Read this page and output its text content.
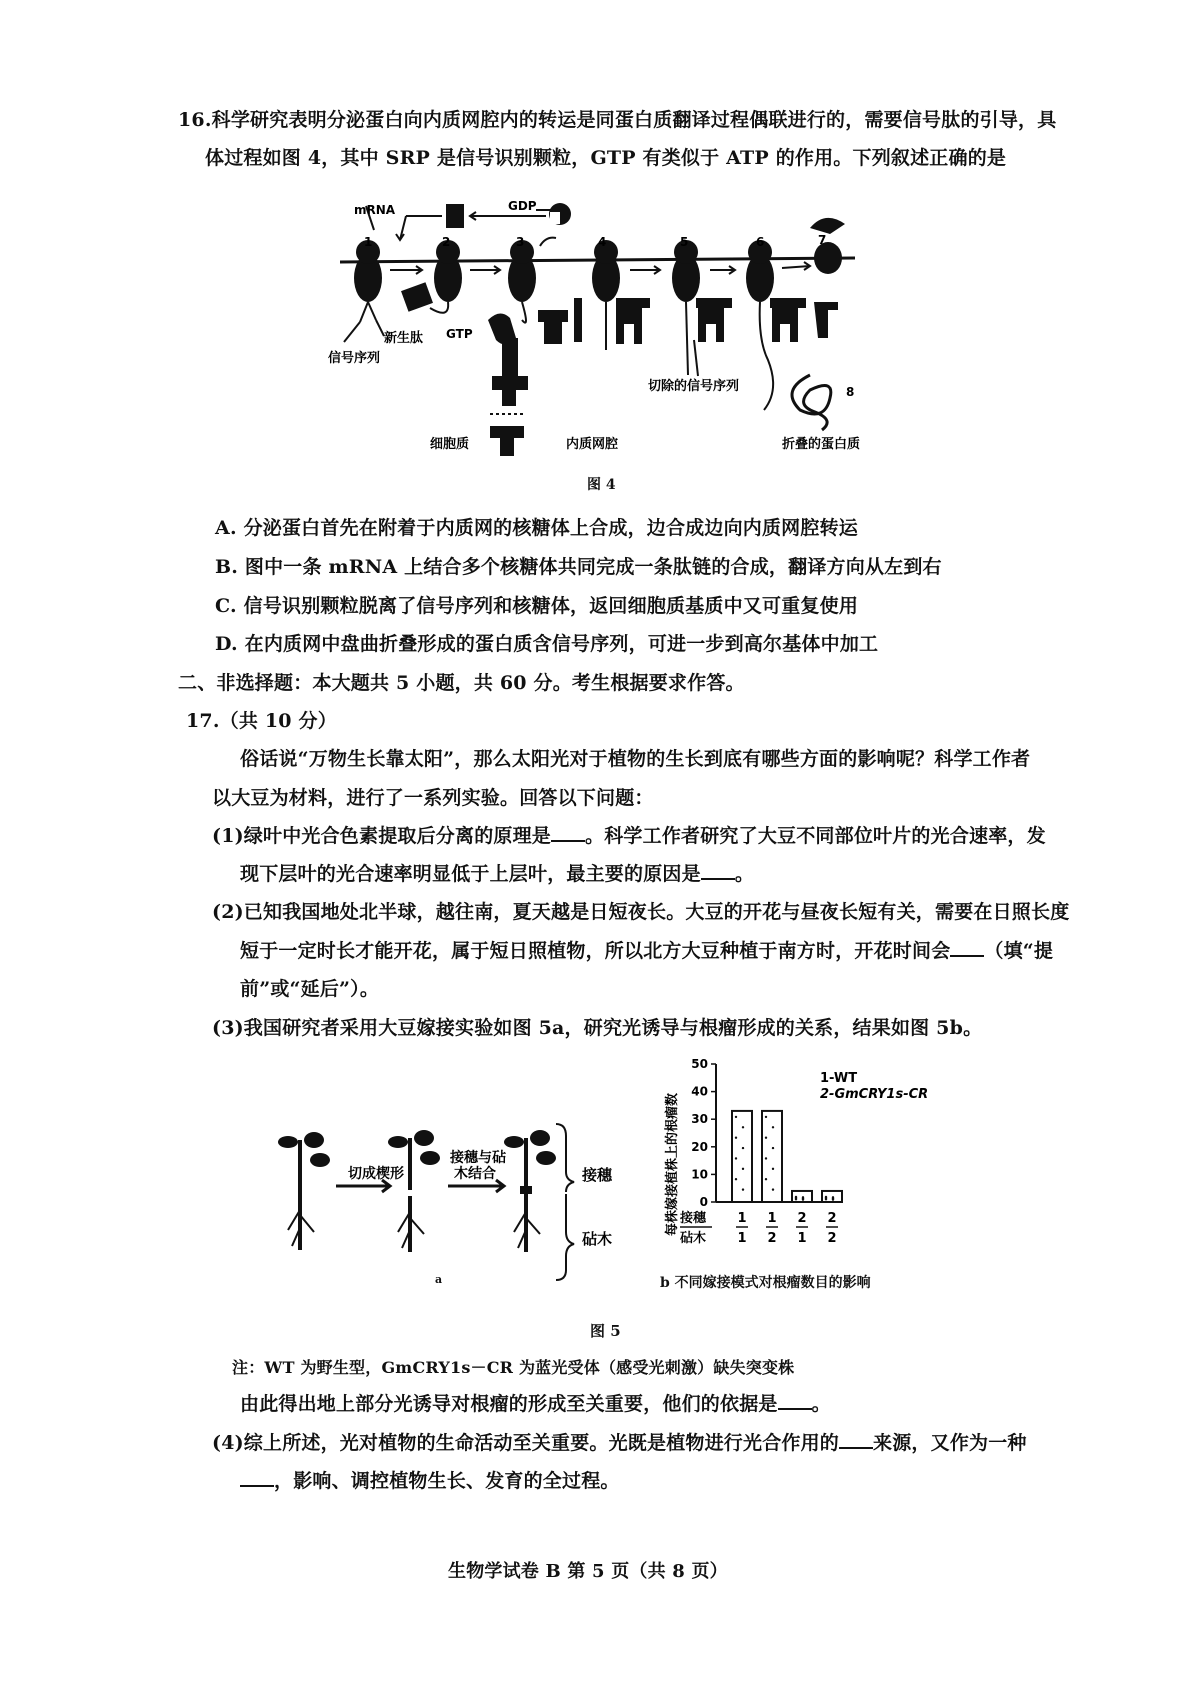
16.科学研究表明分泌蛋白向内质网腔内的转运是同蛋白质翻译过程偶联进行的，需要信号肽的引导，具
体过程如图 4，其中 SRP 是信号识别颗粒，GTP 有类似于 ATP 的作用。下列叙述正确的是
mRNA	GDP
GTP
信号序列
新生肽
切除的信号序列
细胞质	内质网腔	折叠的蛋白质
1	2	3	4	5	6	7
8
图 4
A. 分泌蛋白首先在附着于内质网的核糖体上合成，边合成边向内质网腔转运
B. 图中一条 mRNA 上结合多个核糖体共同完成一条肽链的合成，翻译方向从左到右
C. 信号识别颗粒脱离了信号序列和核糖体，返回细胞质基质中又可重复使用
D. 在内质网中盘曲折叠形成的蛋白质含信号序列，可进一步到高尔基体中加工
二、非选择题：本大题共 5 小题，共 60 分。考生根据要求作答。
17.（共 10 分）
俗话说“万物生长靠太阳”，那么太阳光对于植物的生长到底有哪些方面的影响呢？科学工作者
以大豆为材料，进行了一系列实验。回答以下问题：
(1)绿叶中光合色素提取后分离的原理是 。科学工作者研究了大豆不同部位叶片的光合速率，发
现下层叶的光合速率明显低于上层叶，最主要的原因是 。
(2)已知我国地处北半球，越往南，夏天越是日短夜长。大豆的开花与昼夜长短有关，需要在日照长度
短于一定时长才能开花，属于短日照植物，所以北方大豆种植于南方时，开花时间会 （填“提
前”或“延后”）。
(3)我国研究者采用大豆嫁接实验如图 5a，研究光诱导与根瘤形成的关系，结果如图 5b。
切成楔形
接穗与砧
木结合	接穗
砧木
a
每株嫁接植株上的根瘤数 0
10
20
30
40
50
1-WT
2-GmCRY1s-CR
接穗
砧木
1
1
1
2
2
1
2
2
b 不同嫁接模式对根瘤数目的影响
图 5
注：WT 为野生型，GmCRY1s－CR 为蓝光受体（感受光刺激）缺失突变株
由此得出地上部分光诱导对根瘤的形成至关重要，他们的依据是 。
(4)综上所述，光对植物的生命活动至关重要。光既是植物进行光合作用的 来源，又作为一种
，影响、调控植物生长、发育的全过程。
生物学试卷 B 第 5 页（共 8 页）
